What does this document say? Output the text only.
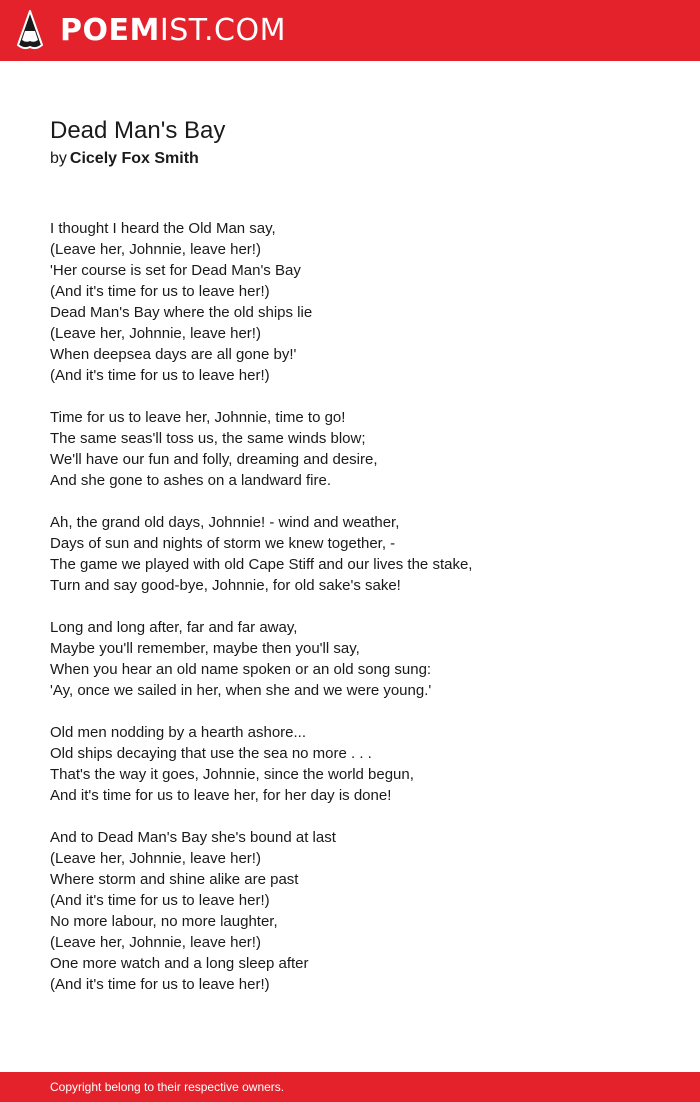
POEMIST.COM
Dead Man's Bay
by Cicely Fox Smith
I thought I heard the Old Man say,
(Leave her, Johnnie, leave her!)
'Her course is set for Dead Man's Bay
(And it's time for us to leave her!)
Dead Man's Bay where the old ships lie
(Leave her, Johnnie, leave her!)
When deepsea days are all gone by!'
(And it's time for us to leave her!)
Time for us to leave her, Johnnie, time to go!
The same seas'll toss us, the same winds blow;
We'll have our fun and folly, dreaming and desire,
And she gone to ashes on a landward fire.
Ah, the grand old days, Johnnie! - wind and weather,
Days of sun and nights of storm we knew together, -
The game we played with old Cape Stiff and our lives the stake,
Turn and say good-bye, Johnnie, for old sake's sake!
Long and long after, far and far away,
Maybe you'll remember, maybe then you'll say,
When you hear an old name spoken or an old song sung:
'Ay, once we sailed in her, when she and we were young.'
Old men nodding by a hearth ashore...
Old ships decaying that use the sea no more . . .
That's the way it goes, Johnnie, since the world begun,
And it's time for us to leave her, for her day is done!
And to Dead Man's Bay she's bound at last
(Leave her, Johnnie, leave her!)
Where storm and shine alike are past
(And it's time for us to leave her!)
No more labour, no more laughter,
(Leave her, Johnnie, leave her!)
One more watch and a long sleep after
(And it's time for us to leave her!)
Copyright belong to their respective owners.
